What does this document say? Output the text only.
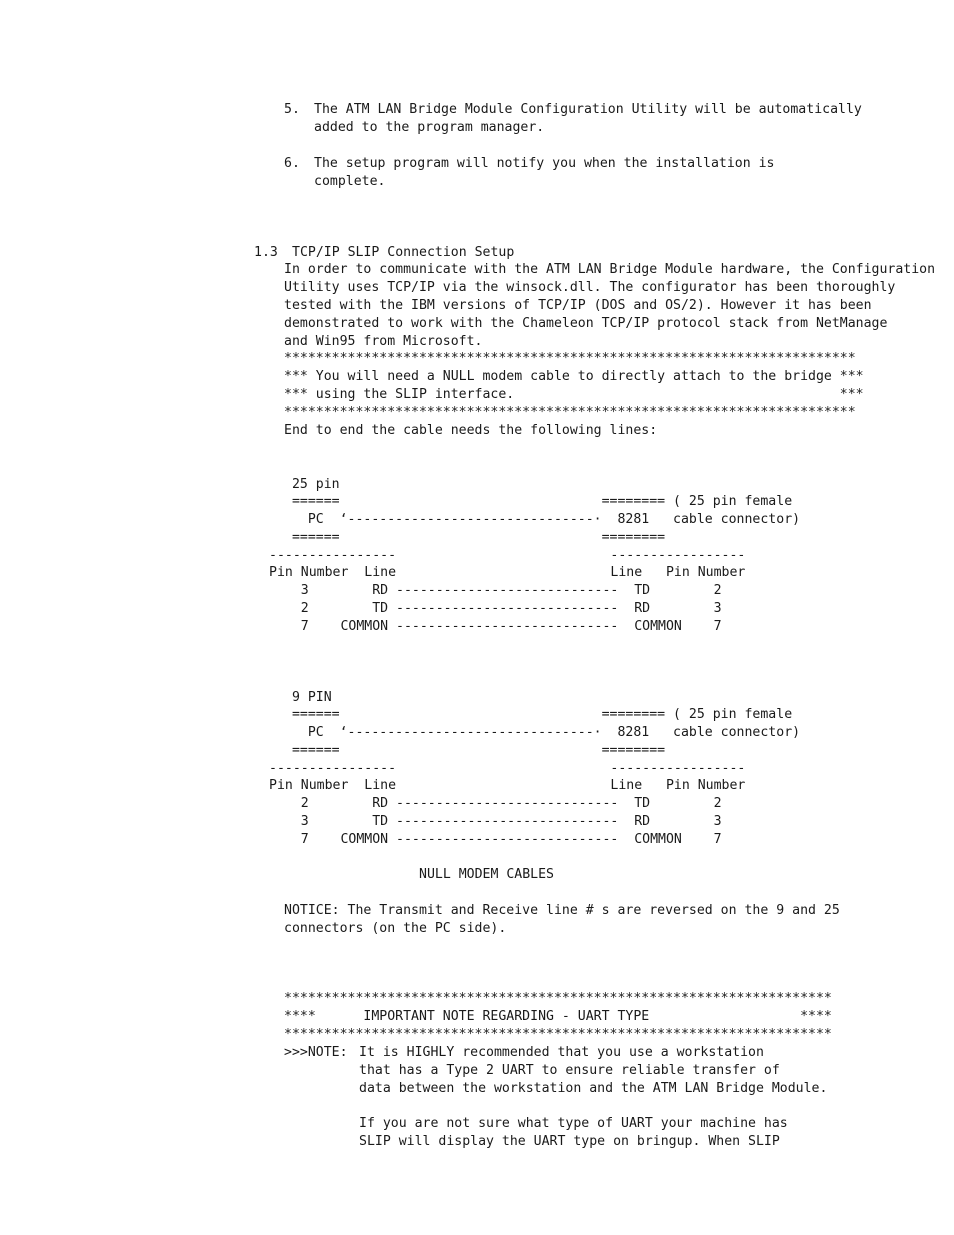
5. The ATM LAN Bridge Module Configuration Utility will be automatically
added to the program manager.
6. The setup program will notify you when the installation is
complete.
1.3 TCP/IP SLIP Connection Setup
In order to communicate with the ATM LAN Bridge Module hardware, the Configuration
Utility uses TCP/IP via the winsock.dll. The configurator has been thoroughly
tested with the IBM versions of TCP/IP (DOS and OS/2). However it has been
demonstrated to work with the Chameleon TCP/IP protocol stack from NetManage
and Win95 from Microsoft.
************************************************************************
*** You will need a NULL modem cable to directly attach to the bridge ***
*** using the SLIP interface.                                         ***
************************************************************************
End to end the cable needs the following lines:
25 pin
======                                 ======== ( 25 pin female
PC  ‘-------------------------------·  8281   cable connector)
======                                 ========
----------------                           -----------------
Pin Number  Line                           Line   Pin Number
3        RD ----------------------------  TD        2
2        TD ----------------------------  RD        3
7    COMMON ----------------------------  COMMON    7
9 PIN
======                                 ======== ( 25 pin female
PC  ‘-------------------------------·  8281   cable connector)
======                                 ========
----------------                           -----------------
Pin Number  Line                           Line   Pin Number
2        RD ----------------------------  TD        2
3        TD ----------------------------  RD        3
7    COMMON ----------------------------  COMMON    7
NULL MODEM CABLES
NOTICE: The Transmit and Receive line # s are reversed on the 9 and 25
connectors (on the PC side).
*********************************************************************
****      IMPORTANT NOTE REGARDING - UART TYPE                   ****
*********************************************************************
>>>NOTE: It is HIGHLY recommended that you use a workstation
that has a Type 2 UART to ensure reliable transfer of
data between the workstation and the ATM LAN Bridge Module.
If you are not sure what type of UART your machine has
SLIP will display the UART type on bringup. When SLIP
